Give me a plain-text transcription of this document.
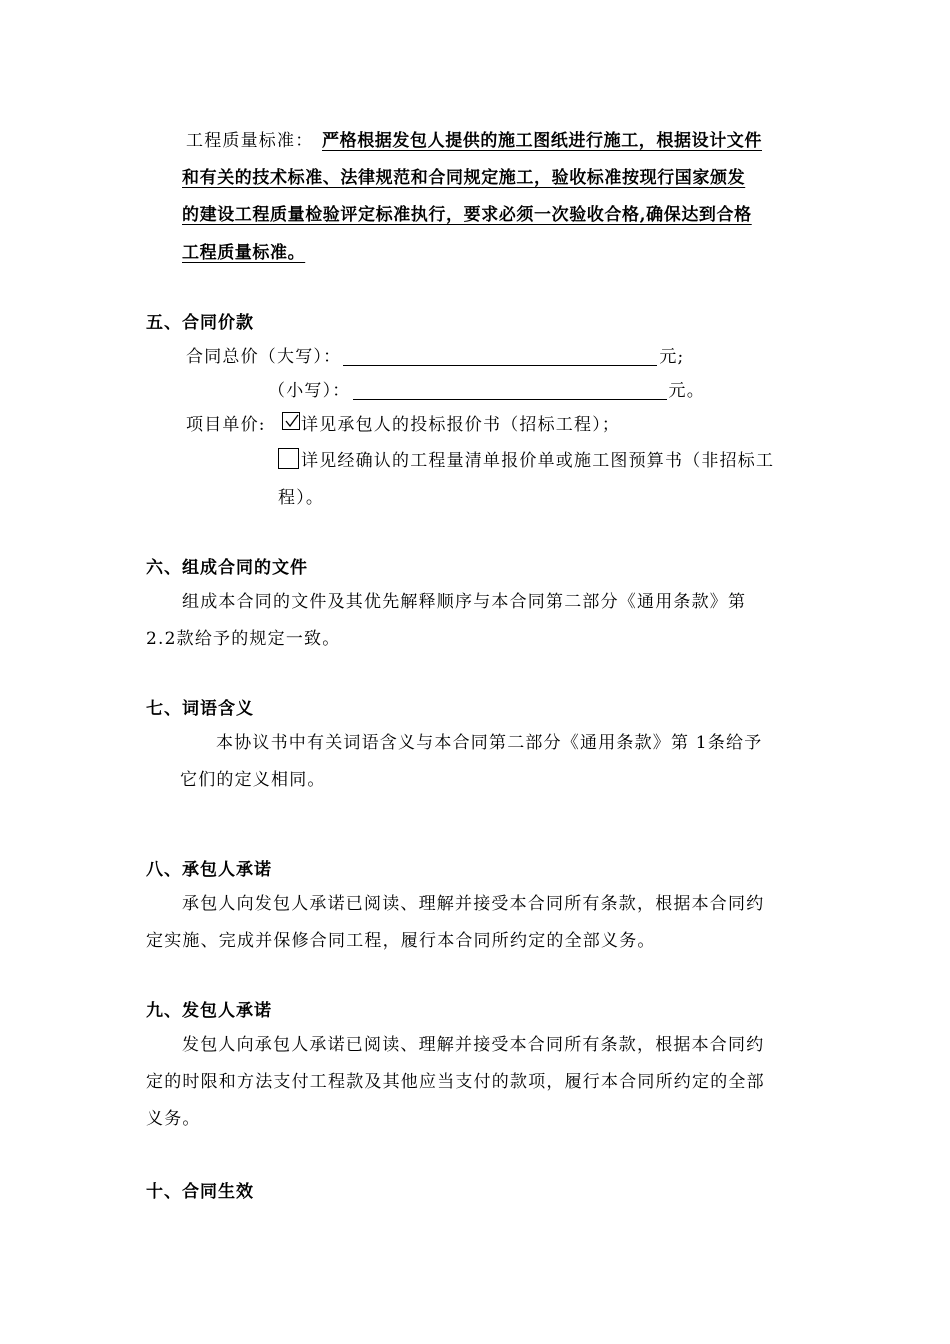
工程质量标准： 严格根据发包人提供的施工图纸进行施工，根据设计文件
和有关的技术标准、法律规范和合同规定施工，验收标准按现行国家颁发
的建设工程质量检验评定标准执行，要求必须一次验收合格,确保达到合格
工程质量标准。
五、合同价款
合同总价（大写）：	元;
（小写）：	元。
项目单价: 详见承包人的投标报价书（招标工程）；
详见经确认的工程量清单报价单或施工图预算书（非招标工
程）。
六、组成合同的文件
组成本合同的文件及其优先解释顺序与本合同第二部分《通用条款》第
2.2款给予的规定一致。
七、词语含义
本协议书中有关词语含义与本合同第二部分《通用条款》第 1条给予
它们的定义相同。
八、承包人承诺
承包人向发包人承诺已阅读、理解并接受本合同所有条款，根据本合同约
定实施、完成并保修合同工程，履行本合同所约定的全部义务。
九、发包人承诺
发包人向承包人承诺已阅读、理解并接受本合同所有条款，根据本合同约
定的时限和方法支付工程款及其他应当支付的款项，履行本合同所约定的全部
义务。
十、合同生效
